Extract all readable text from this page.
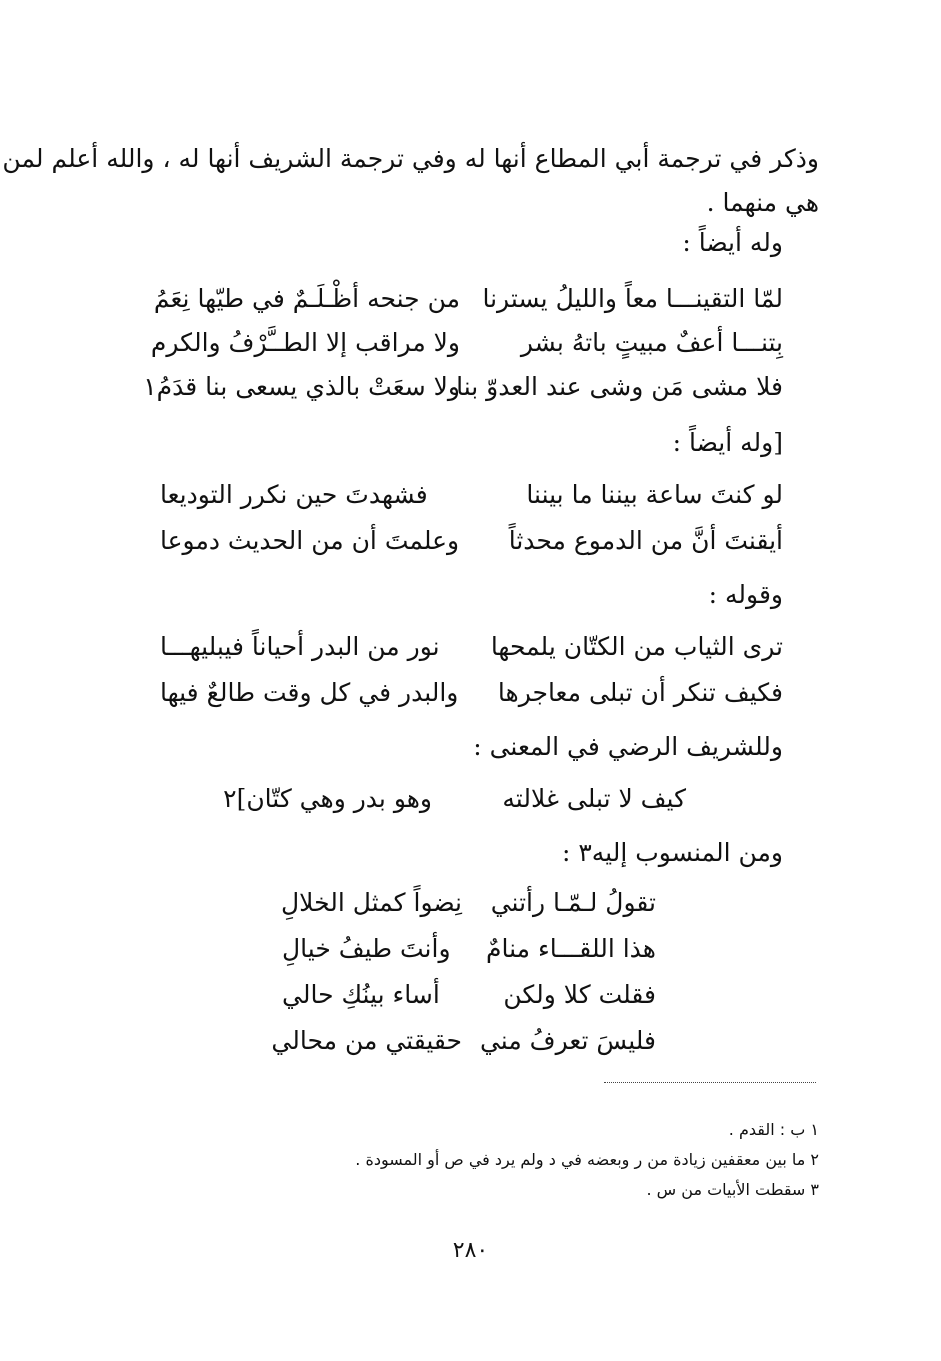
وذكر في ترجمة أبي المطاع أنها له وفي ترجمة الشريف أنها له ، والله أعلم لمن
هي منهما .
وله أيضاً :
لمّا التقينـــا معاً والليلُ يسترنا
من جنحه أظْـلَـمٌ في طيّها نِعَمُ
بِتنـــا أعفٌ مبيتٍ باتهُ بشر
ولا مراقب إلا الطــَّرْفُ والكرم
فلا مشى مَن وشى عند العدوّ بنا
ولا سعَتْ بالذي يسعى بنا قدَمُ١
[وله أيضاً :
لو كنتَ ساعة بيننا ما بيننا
فشهدتَ حين نكرر التوديعا
أيقنتَ أنَّ من الدموع محدثاً
وعلمتَ أن من الحديث دموعا
وقوله :
ترى الثياب من الكتّان يلمحها
نور من البدر أحياناً فيبليهـــا
فكيف تنكر أن تبلى معاجرها
والبدر في كل وقت طالعٌ فيها
وللشريف الرضي في المعنى :
كيف لا تبلى غلالته
وهو بدر وهي كتّان]٢
ومن المنسوب إليه٣ :
تقولُ لـمّـا رأتني
نِضواً كمثل الخلالِ
هذا اللقـــاء منامٌ
وأنتَ طيفُ خيالِ
فقلت كلا ولكن
أساء بينُكِ حالي
فليسَ تعرفُ مني
حقيقتي من محالي
١ ب : القدم .
٢ ما بين معقفين زيادة من ر وبعضه في د ولم يرد في ص أو المسودة .
٣ سقطت الأبيات من س .
٢٨٠
